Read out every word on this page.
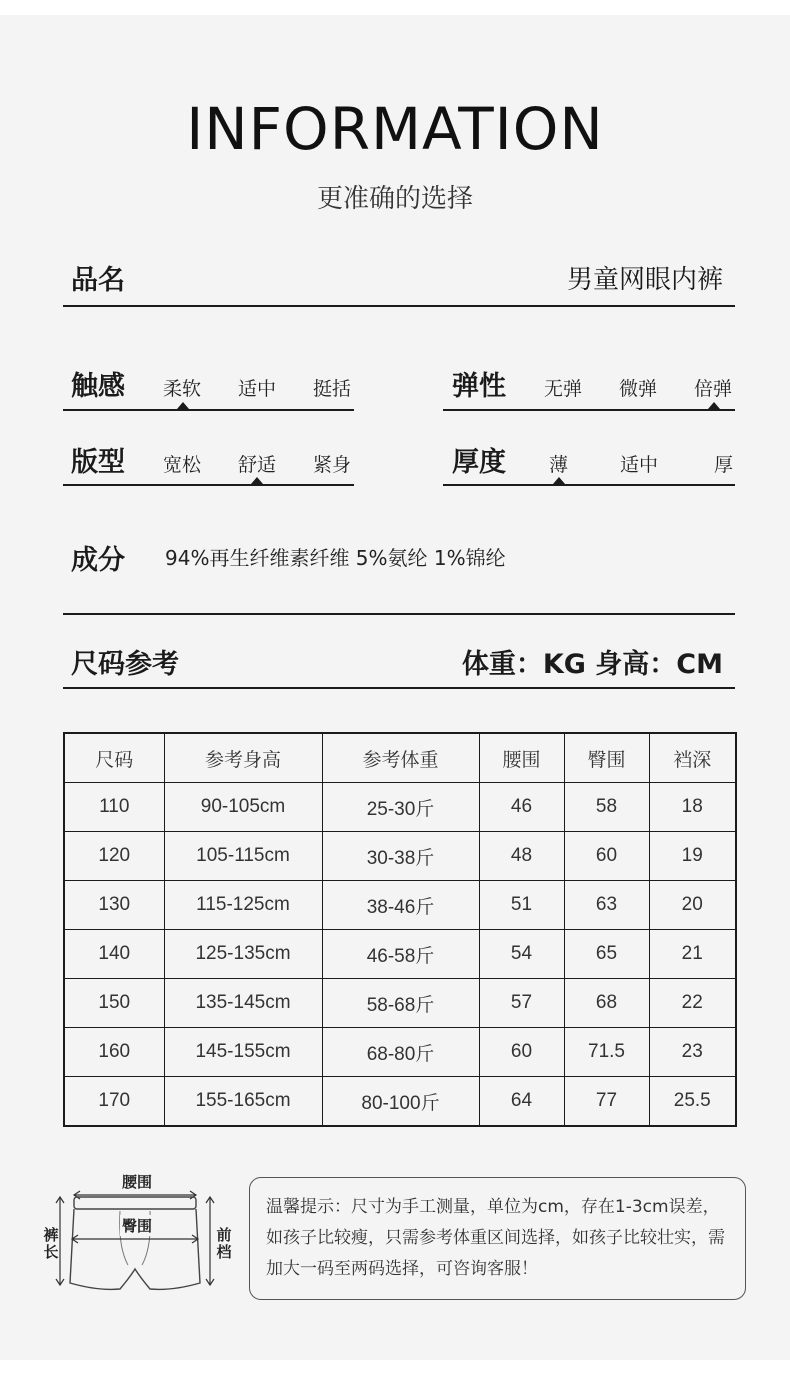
INFORMATION
更准确的选择
品名	男童网眼内裤
触感 柔软 适中 挺括	弹性 无弹 微弹 倍弹
版型 宽松 舒适 紧身	厚度 薄	适中	厚
成分 94%再生纤维素纤维 5%氨纶 1%锦纶
尺码参考	体重：KG 身高：CM
尺码	参考身高	参考体重	腰围	臀围	裆深
110	90-105cm	25-30斤	46	58	18
120	105-115cm	30-38斤	48	60	19
130	115-125cm	38-46斤	51	63	20
140	125-135cm	46-58斤	54	65	21
150	135-145cm	58-68斤	57	68	22
160	145-155cm	68-80斤	60	71.5	23
170	155-165cm	80-100斤	64	77	25.5
腰围
臀围
裤长
前档
温馨提示：尺寸为手工测量，单位为cm，存在1-3cm误差，如孩子比较瘦，只需参考体重区间选择，如孩子比较壮实，需加大一码至两码选择，可咨询客服！
